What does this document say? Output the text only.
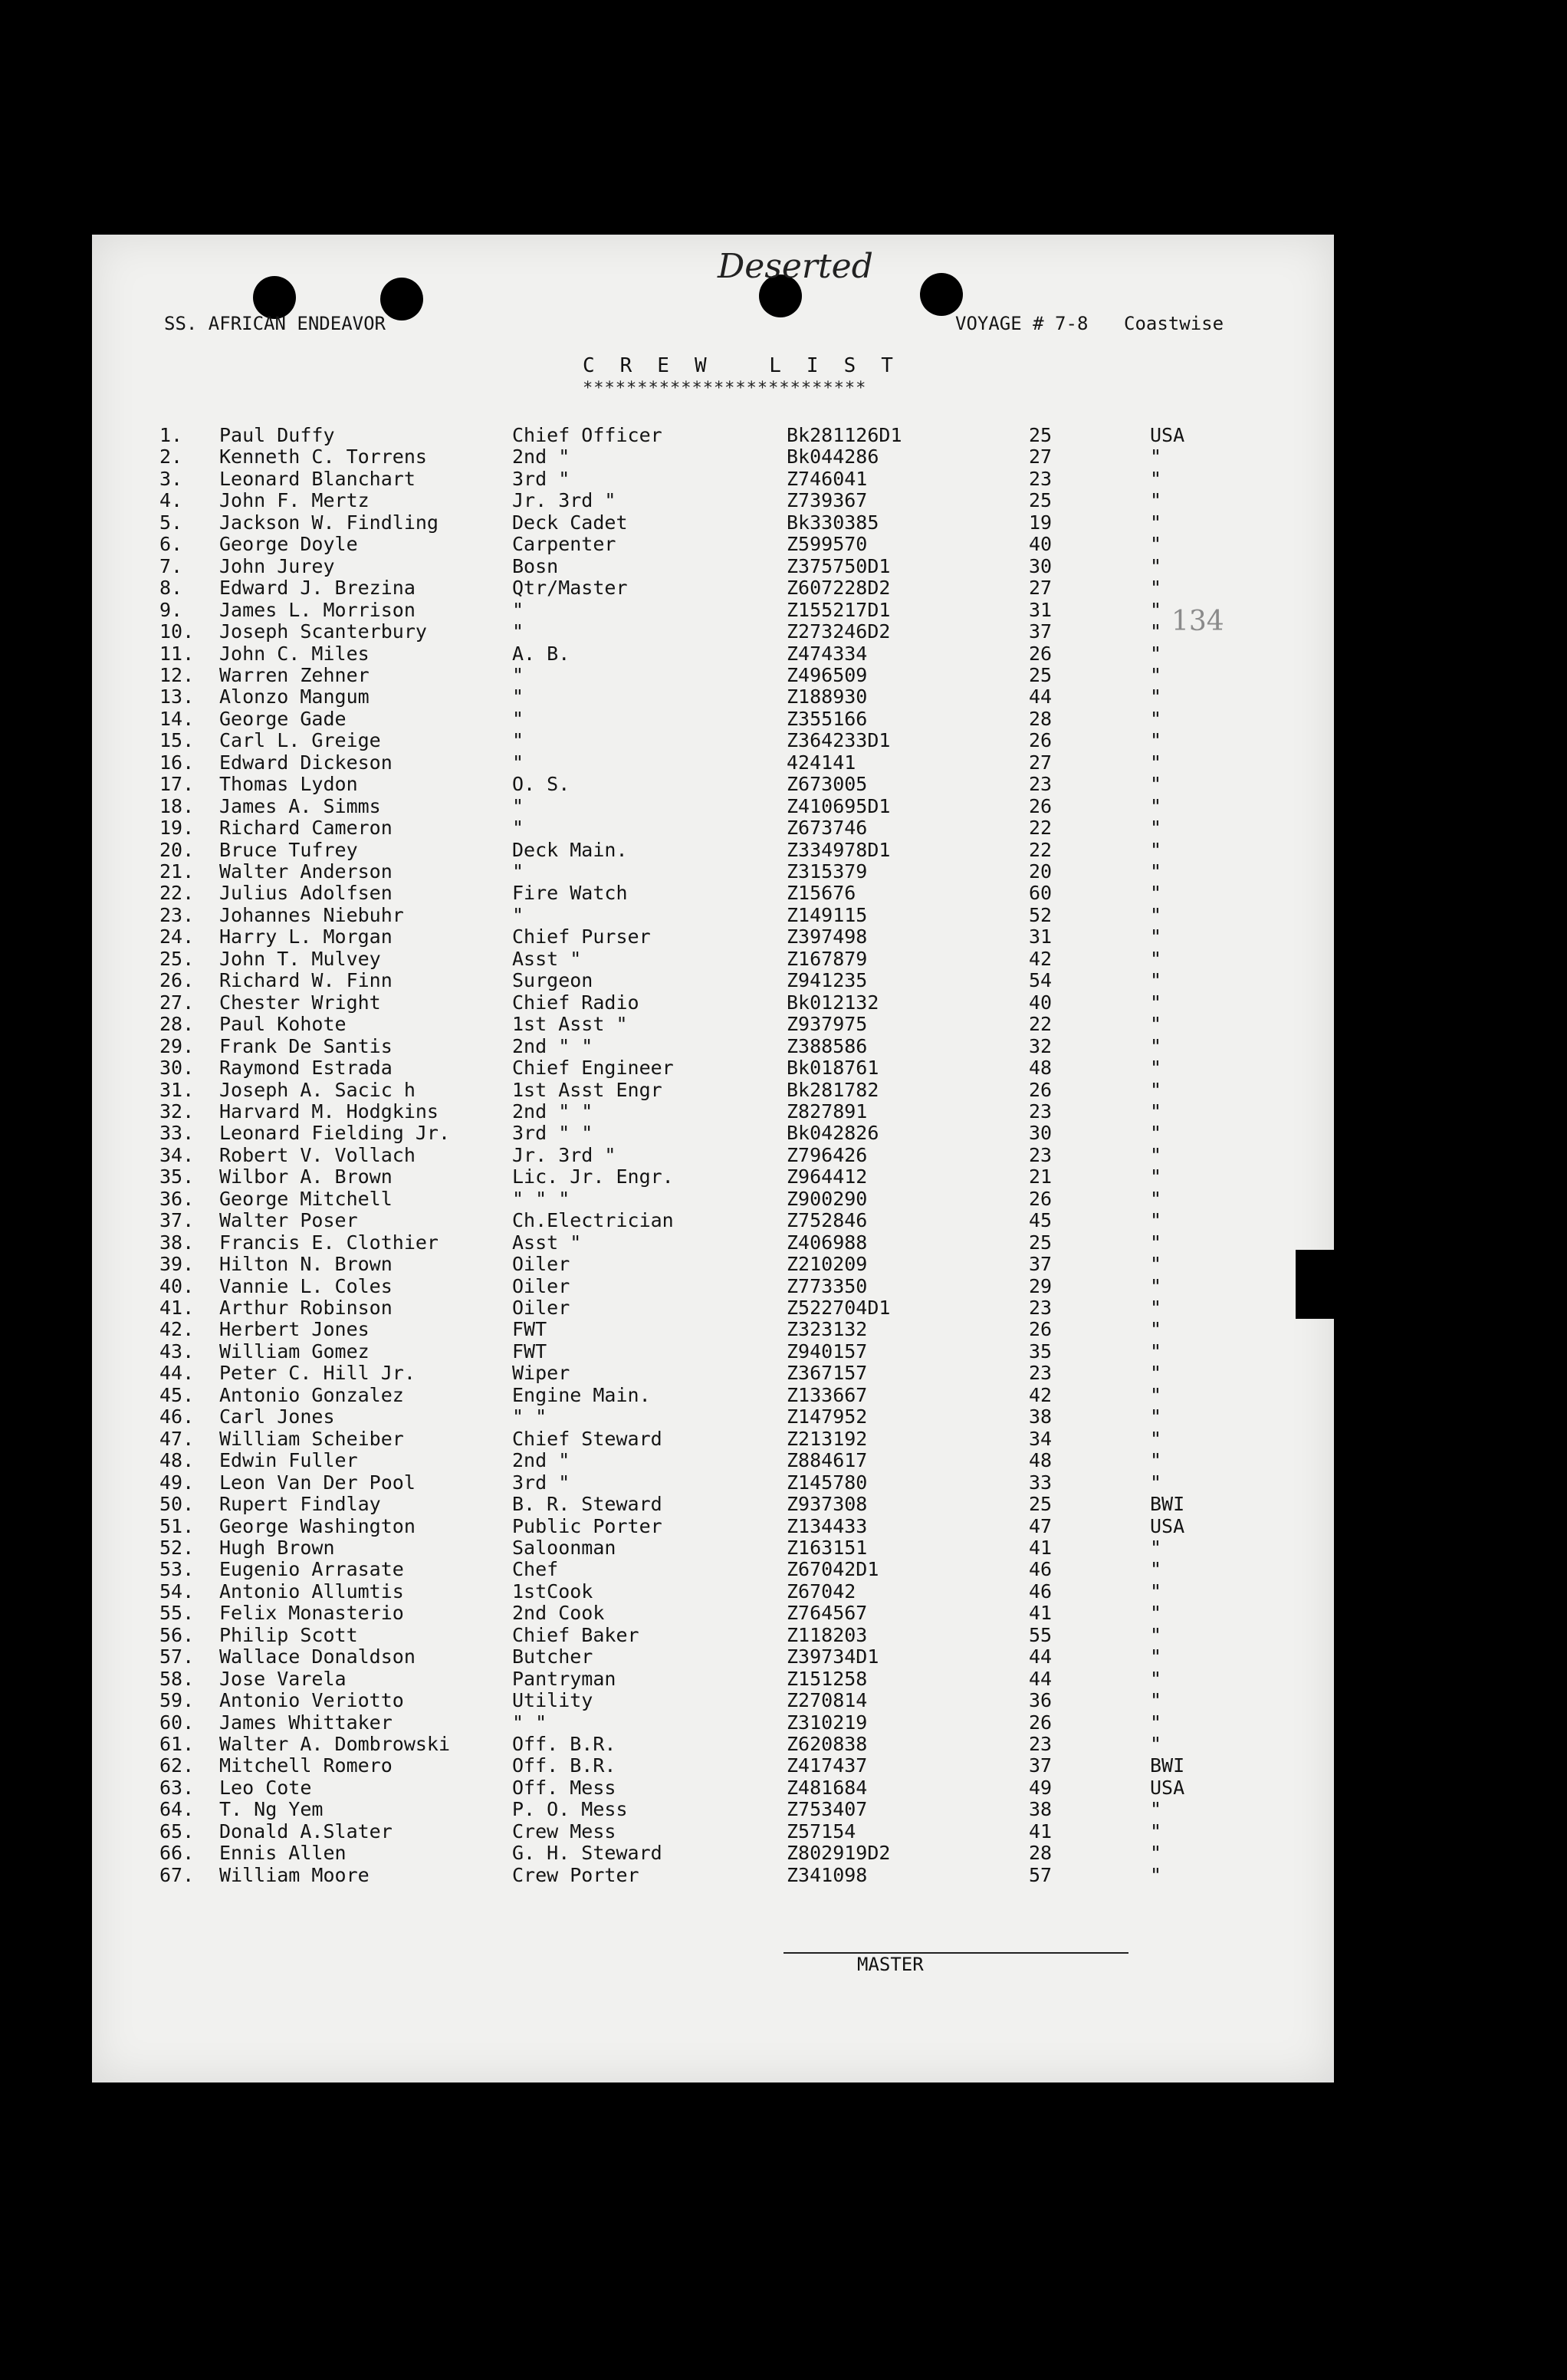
Deserted
SS. AFRICAN ENDEAVOR	VOYAGE # 7-8 Coastwise
CREW LIST
**************************
134
1. Paul Duffy	Chief Officer	Bk281126D1	25	USA
2. Kenneth C. Torrens	2nd "	Bk044286	27	"
3. Leonard Blanchart	3rd "	Z746041	23	"
4. John F. Mertz	Jr. 3rd "	Z739367	25	"
5. Jackson W. Findling	Deck Cadet	Bk330385	19	"
6. George Doyle	Carpenter	Z599570	40	"
7. John Jurey	Bosn	Z375750D1	30	"
8. Edward J. Brezina	Qtr/Master	Z607228D2	27	"
9. James L. Morrison	"	Z155217D1	31	"
10. Joseph Scanterbury	"	Z273246D2	37	"
11. John C. Miles	A. B.	Z474334	26	"
12. Warren Zehner	"	Z496509	25	"
13. Alonzo Mangum	"	Z188930	44	"
14. George Gade	"	Z355166	28	"
15. Carl L. Greige	"	Z364233D1	26	"
16. Edward Dickeson	"	424141	27	"
17. Thomas Lydon	O. S.	Z673005	23	"
18. James A. Simms	"	Z410695D1	26	"
19. Richard Cameron	"	Z673746	22	"
20. Bruce Tufrey	Deck Main.	Z334978D1	22	"
21. Walter Anderson	"	Z315379	20	"
22. Julius Adolfsen	Fire Watch	Z15676	60	"
23. Johannes Niebuhr	"	Z149115	52	"
24. Harry L. Morgan	Chief Purser	Z397498	31	"
25. John T. Mulvey	Asst "	Z167879	42	"
26. Richard W. Finn	Surgeon	Z941235	54	"
27. Chester Wright	Chief Radio	Bk012132	40	"
28. Paul Kohote	1st Asst "	Z937975	22	"
29. Frank De Santis	2nd " "	Z388586	32	"
30. Raymond Estrada	Chief Engineer	Bk018761	48	"
31. Joseph A. Sacic h	1st Asst Engr	Bk281782	26	"
32. Harvard M. Hodgkins	2nd " "	Z827891	23	"
33. Leonard Fielding Jr.	3rd " "	Bk042826	30	"
34. Robert V. Vollach	Jr. 3rd "	Z796426	23	"
35. Wilbor A. Brown	Lic. Jr. Engr.	Z964412	21	"
36. George Mitchell	" " "	Z900290	26	"
37. Walter Poser	Ch.Electrician	Z752846	45	"
38. Francis E. Clothier	Asst "	Z406988	25	"
39. Hilton N. Brown	Oiler	Z210209	37	"
40. Vannie L. Coles	Oiler	Z773350	29	"
41. Arthur Robinson	Oiler	Z522704D1	23	"
42. Herbert Jones	FWT	Z323132	26	"
43. William Gomez	FWT	Z940157	35	"
44. Peter C. Hill Jr.	Wiper	Z367157	23	"
45. Antonio Gonzalez	Engine Main.	Z133667	42	"
46. Carl Jones	" "	Z147952	38	"
47. William Scheiber	Chief Steward	Z213192	34	"
48. Edwin Fuller	2nd "	Z884617	48	"
49. Leon Van Der Pool	3rd "	Z145780	33	"
50. Rupert Findlay	B. R. Steward	Z937308	25	BWI
51. George Washington	Public Porter	Z134433	47	USA
52. Hugh Brown	Saloonman	Z163151	41	"
53. Eugenio Arrasate	Chef	Z67042D1	46	"
54. Antonio Allumtis	1stCook	Z67042	46	"
55. Felix Monasterio	2nd Cook	Z764567	41	"
56. Philip Scott	Chief Baker	Z118203	55	"
57. Wallace Donaldson	Butcher	Z39734D1	44	"
58. Jose Varela	Pantryman	Z151258	44	"
59. Antonio Veriotto	Utility	Z270814	36	"
60. James Whittaker	" "	Z310219	26	"
61. Walter A. Dombrowski	Off. B.R.	Z620838	23	"
62. Mitchell Romero	Off. B.R.	Z417437	37	BWI
63. Leo Cote	Off. Mess	Z481684	49	USA
64. T. Ng Yem	P. O. Mess	Z753407	38	"
65. Donald A.Slater	Crew Mess	Z57154	41	"
66. Ennis Allen	G. H. Steward	Z802919D2	28	"
67. William Moore	Crew Porter	Z341098	57	"
MASTER
